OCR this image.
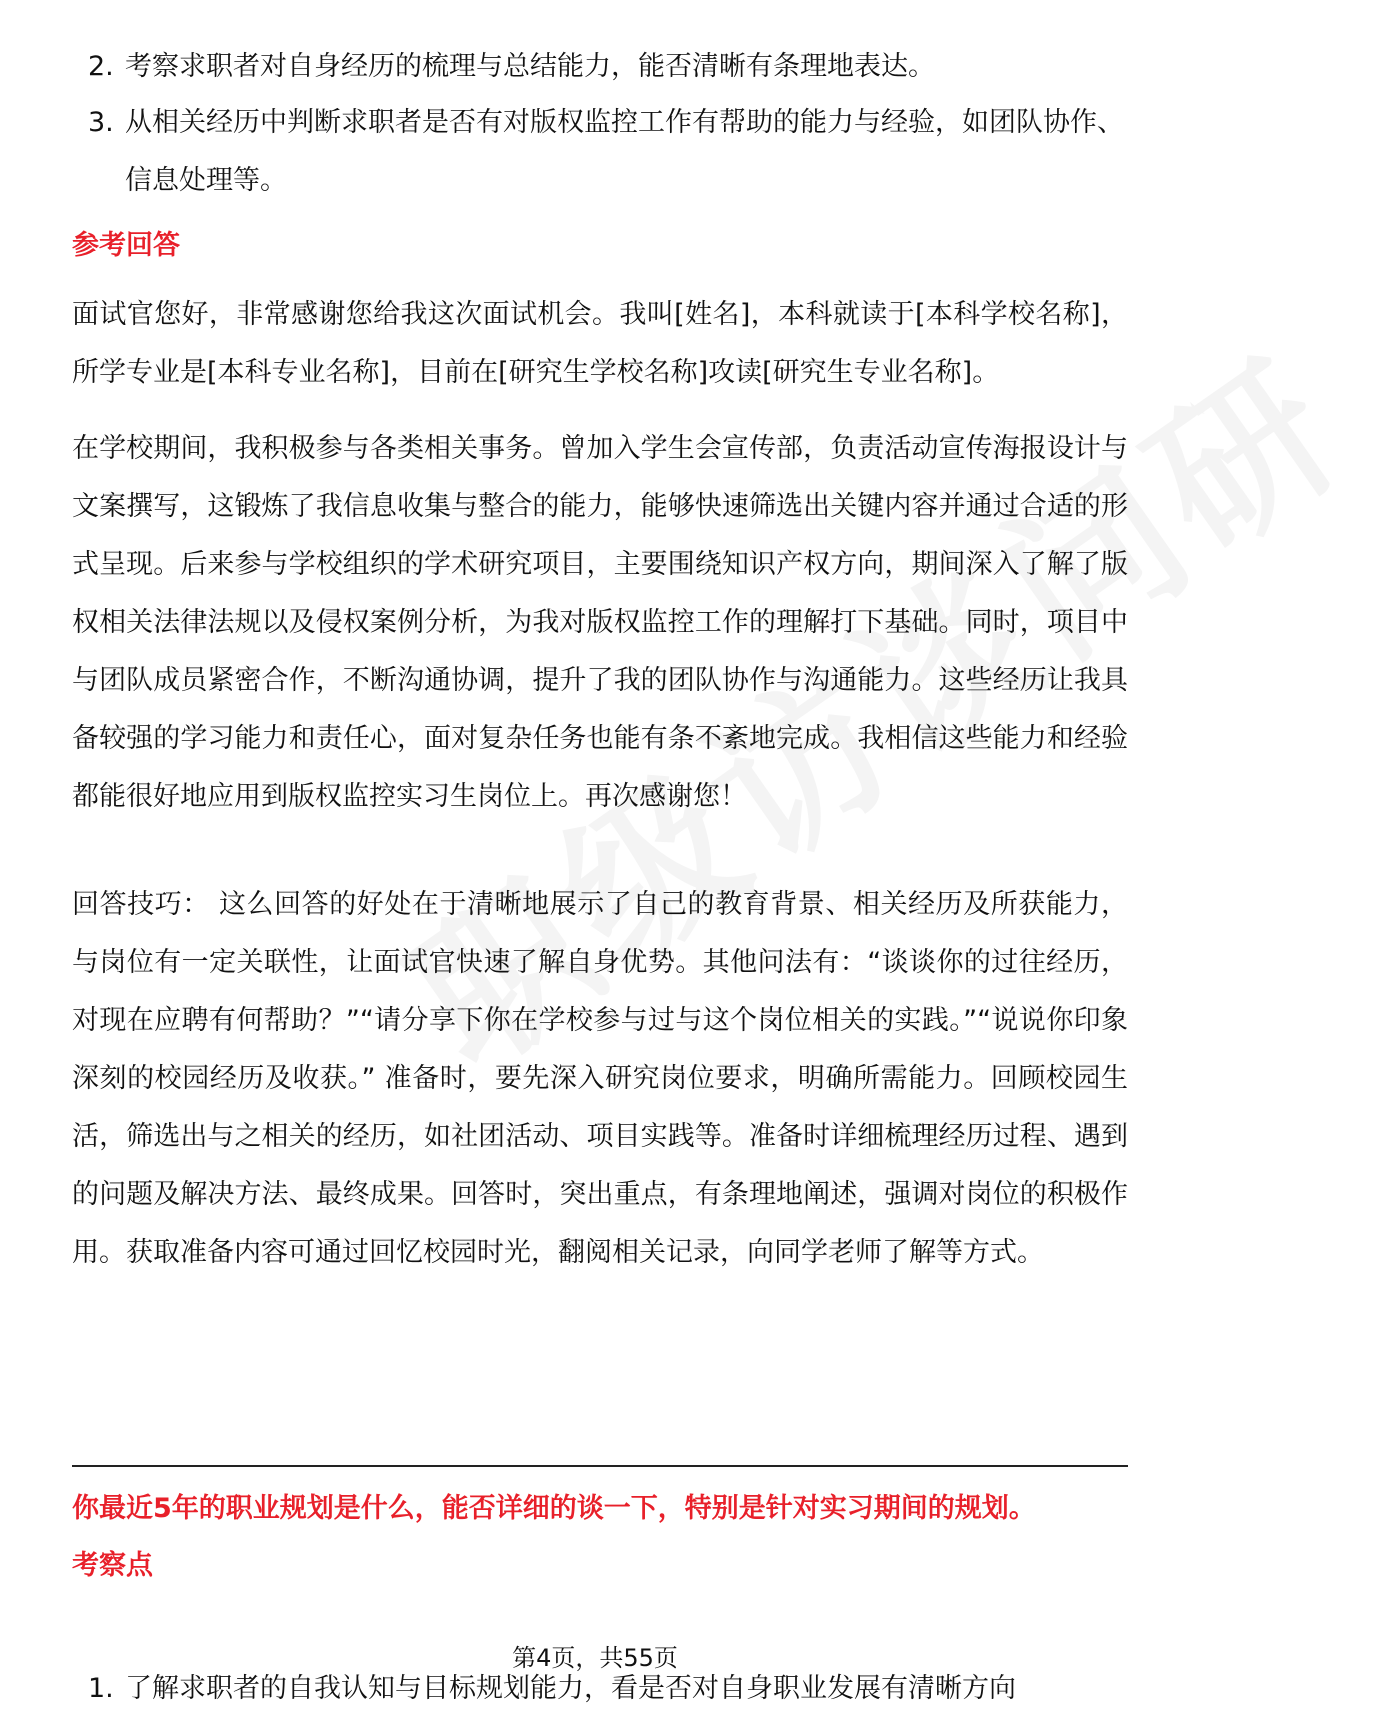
2. 考察求职者对自身经历的梳理与总结能力，能否清晰有条理地表达。
3. 从相关经历中判断求职者是否有对版权监控工作有帮助的能力与经验，如团队协作、信息处理等。
参考回答
面试官您好，非常感谢您给我这次面试机会。我叫[姓名]，本科就读于[本科学校名称]，所学专业是[本科专业名称]，目前在[研究生学校名称]攻读[研究生专业名称]。
在学校期间，我积极参与各类相关事务。曾加入学生会宣传部，负责活动宣传海报设计与文案撰写，这锻炼了我信息收集与整合的能力，能够快速筛选出关键内容并通过合适的形式呈现。后来参与学校组织的学术研究项目，主要围绕知识产权方向，期间深入了解了版权相关法律法规以及侵权案例分析，为我对版权监控工作的理解打下基础。同时，项目中与团队成员紧密合作，不断沟通协调，提升了我的团队协作与沟通能力。这些经历让我具备较强的学习能力和责任心，面对复杂任务也能有条不紊地完成。我相信这些能力和经验都能很好地应用到版权监控实习生岗位上。再次感谢您！
回答技巧： 这么回答的好处在于清晰地展示了自己的教育背景、相关经历及所获能力，与岗位有一定关联性，让面试官快速了解自身优势。其他问法有：“谈谈你的过往经历，对现在应聘有何帮助？”“请分享下你在学校参与过与这个岗位相关的实践。”“说说你印象深刻的校园经历及收获。” 准备时，要先深入研究岗位要求，明确所需能力。回顾校园生活，筛选出与之相关的经历，如社团活动、项目实践等。准备时详细梳理经历过程、遇到的问题及解决方法、最终成果。回答时，突出重点，有条理地阐述，强调对岗位的积极作用。获取准备内容可通过回忆校园时光，翻阅相关记录，向同学老师了解等方式。
你最近5年的职业规划是什么，能否详细的谈一下，特别是针对实习期间的规划。
考察点
1. 了解求职者的自我认知与目标规划能力，看是否对自身职业发展有清晰方向
第4页，共55页
